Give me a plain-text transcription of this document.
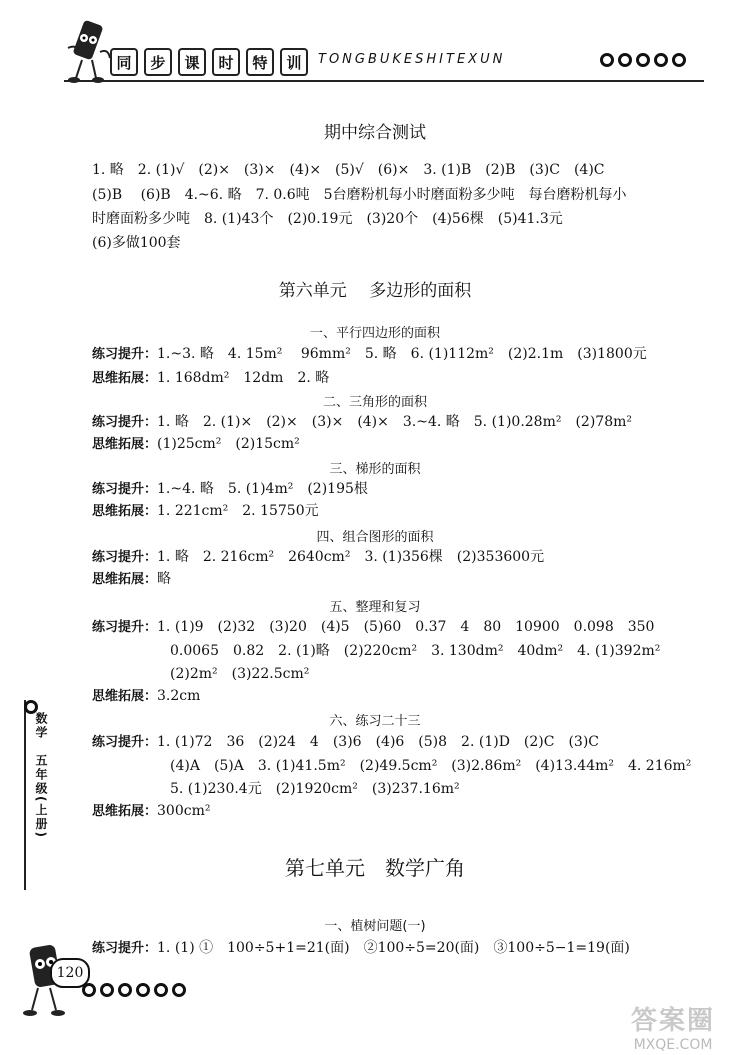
同	步	课	时	特	训	TONGBUKESHITEXUN
期中综合测试
1. 略　2. (1)√　(2)×　(3)×　(4)×　(5)√　(6)×　3. (1)B　(2)B　(3)C　(4)C
(5)B　 (6)B　4.~6. 略　7. 0.6吨　5台磨粉机每小时磨面粉多少吨　每台磨粉机每小
时磨面粉多少吨　8. (1)43个　(2)0.19元　(3)20个　(4)56棵　(5)41.3元
(6)多做100套
第六单元　 多边形的面积
一、平行四边形的面积
练习提升：1.~3. 略　4. 15m² 　96mm²　5. 略　6. (1)112m²　(2)2.1m　(3)1800元
思维拓展：1. 168dm²　12dm　2. 略
二、三角形的面积
练习提升：1. 略　2. (1)×　(2)×　(3)×　(4)×　3.~4. 略　5. (1)0.28m²　(2)78m²
思维拓展：(1)25cm²　(2)15cm²
三、梯形的面积
练习提升：1.~4. 略　5. (1)4m²　(2)195根
思维拓展：1. 221cm²　2. 15750元
四、组合图形的面积
练习提升：1. 略　2. 216cm²　2640cm²　3. (1)356棵　(2)353600元
思维拓展：略
五、整理和复习
练习提升：1. (1)9　(2)32　(3)20　(4)5　(5)60　0.37　4　80　10900　0.098　350
0.0065　0.82　2. (1)略　(2)220cm²　3. 130dm²　40dm²　4. (1)392m²
(2)2m²　(3)22.5cm²
思维拓展：3.2cm
六、练习二十三
练习提升：1. (1)72　36　(2)24　4　(3)6　(4)6　(5)8　2. (1)D　(2)C　(3)C
(4)A　(5)A　3. (1)41.5m²　(2)49.5cm²　(3)2.86m²　(4)13.44m²　4. 216m²
5. (1)230.4元　(2)1920cm²　(3)237.16m²
思维拓展：300cm²
第七单元　数学广角
一、植树问题(一)
练习提升：1. (1) ①　100÷5+1=21(面)　②100÷5=20(面)　③100÷5−1=19(面)
数学　五年级(上册)
120
答案圈
MXQE.COM
